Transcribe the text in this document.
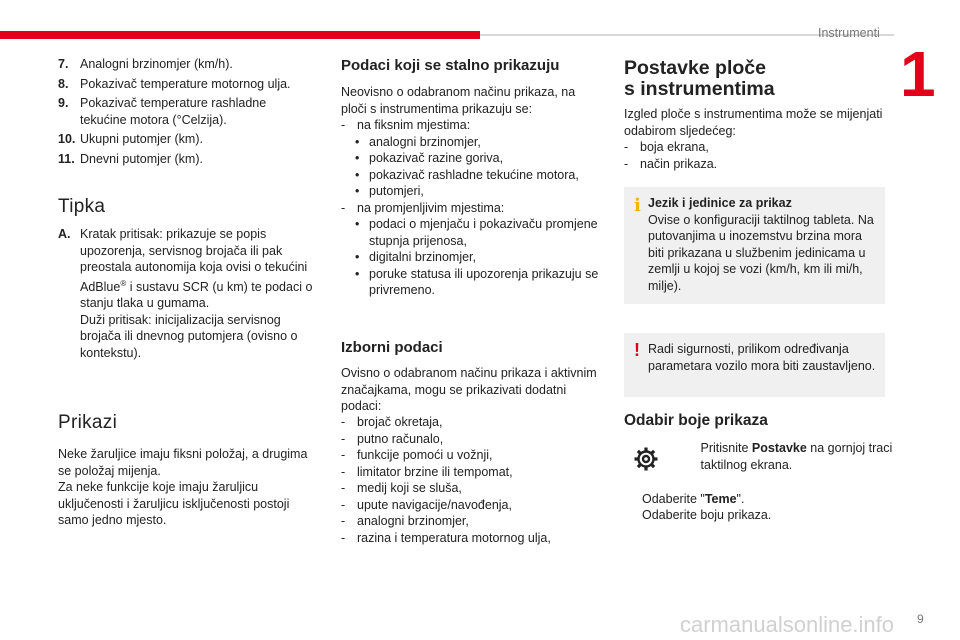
Instrumenti
1
7. Analogni brzinomjer (km/h).
8. Pokazivač temperature motornog ulja.
9. Pokazivač temperature rashladne tekućine motora (°Celzija).
10. Ukupni putomjer (km).
11. Dnevni putomjer (km).
Tipka
A. Kratak pritisak: prikazuje se popis upozorenja, servisnog brojača ili pak preostala autonomija koja ovisi o tekućini AdBlue® i sustavu SCR (u km) te podaci o stanju tlaka u gumama.
Duži pritisak: inicijalizacija servisnog brojača ili dnevnog putomjera (ovisno o kontekstu).
Prikazi
Neke žaruljice imaju fiksni položaj, a drugima se položaj mijenja.
Za neke funkcije koje imaju žaruljicu uključenosti i žaruljicu isključenosti postoji samo jedno mjesto.
Podaci koji se stalno prikazuju
Neovisno o odabranom načinu prikaza, na ploči s instrumentima prikazuju se:
- na fiksnim mjestima:
• analogni brzinomjer,
• pokazivač razine goriva,
• pokazivač rashladne tekućine motora,
• putomjeri,
- na promjenljivim mjestima:
• podaci o mjenjaču i pokazivaču promjene stupnja prijenosa,
• digitalni brzinomjer,
• poruke statusa ili upozorenja prikazuju se privremeno.
Izborni podaci
Ovisno o odabranom načinu prikaza i aktivnim značajkama, mogu se prikazivati dodatni podaci:
- brojač okretaja,
- putno računalo,
- funkcije pomoći u vožnji,
- limitator brzine ili tempomat,
- medij koji se sluša,
- upute navigacije/navođenja,
- analogni brzinomjer,
- razina i temperatura motornog ulja,
Postavke ploče
s instrumentima
Izgled ploče s instrumentima može se mijenjati odabirom sljedećeg:
- boja ekrana,
- način prikaza.
i Jezik i jedinice za prikaz
Ovise o konfiguraciji taktilnog tableta. Na putovanjima u inozemstvu brzina mora biti prikazana u službenim jedinicama u zemlji u kojoj se vozi (km/h, km ili mi/h, milje).
! Radi sigurnosti, prilikom određivanja parametara vozilo mora biti zaustavljeno.
Odabir boje prikaza
Pritisnite Postavke na gornjoj traci taktilnog ekrana.
Odaberite "Teme".
Odaberite boju prikaza.
carmanualsonline.info 9
